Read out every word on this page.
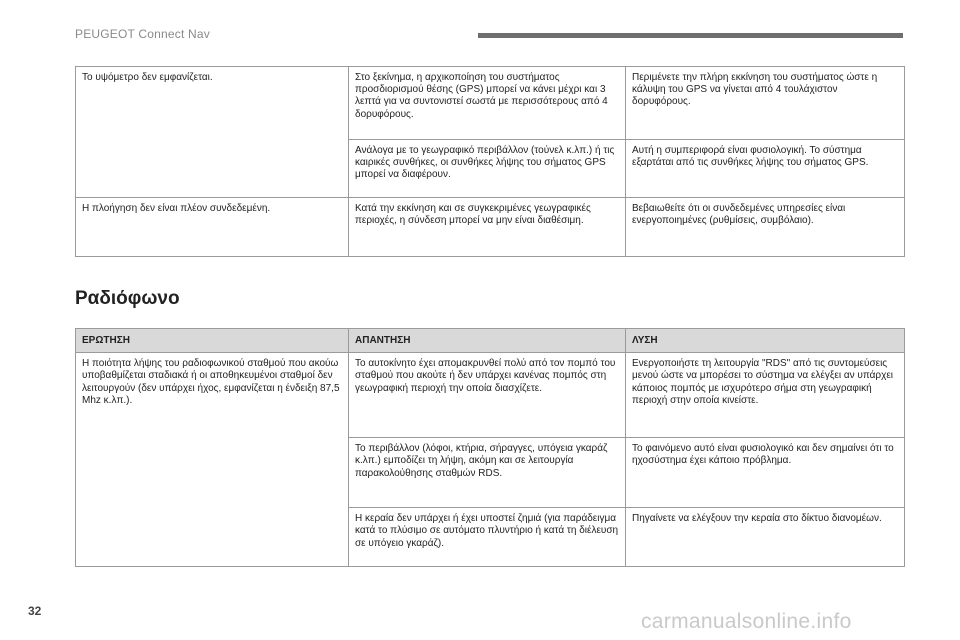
PEUGEOT Connect Nav
Το υψόμετρο δεν εμφανίζεται.	Στο ξεκίνημα, η αρχικοποίηση του συστήματος προσδιορισμού θέσης (GPS) μπορεί να κάνει μέχρι και 3 λεπτά για να συντονιστεί σωστά με περισσότερους από 4 δορυφόρους.	Περιμένετε την πλήρη εκκίνηση του συστήματος ώστε η κάλυψη του GPS να γίνεται από 4 τουλάχιστον δορυφόρους.
	Ανάλογα με το γεωγραφικό περιβάλλον (τούνελ κ.λπ.) ή τις καιρικές συνθήκες, οι συνθήκες λήψης του σήματος GPS μπορεί να διαφέρουν.	Αυτή η συμπεριφορά είναι φυσιολογική. Το σύστημα εξαρτάται από τις συνθήκες λήψης του σήματος GPS.
Η πλοήγηση δεν είναι πλέον συνδεδεμένη.	Κατά την εκκίνηση και σε συγκεκριμένες γεωγραφικές περιοχές, η σύνδεση μπορεί να μην είναι διαθέσιμη.	Βεβαιωθείτε ότι οι συνδεδεμένες υπηρεσίες είναι ενεργοποιημένες (ρυθμίσεις, συμβόλαιο).
Ραδιόφωνο
ΕΡΩΤΗΣΗ	ΑΠΑΝΤΗΣΗ	ΛΥΣΗ
Η ποιότητα λήψης του ραδιοφωνικού σταθμού που ακούω υποβαθμίζεται σταδιακά ή οι αποθηκευμένοι σταθμοί δεν λειτουργούν (δεν υπάρχει ήχος, εμφανίζεται η ένδειξη 87,5 Mhz κ.λπ.).	Το αυτοκίνητο έχει απομακρυνθεί πολύ από τον πομπό του σταθμού που ακούτε ή δεν υπάρχει κανένας πομπός στη γεωγραφική περιοχή την οποία διασχίζετε.	Ενεργοποιήστε τη λειτουργία "RDS" από τις συντομεύσεις μενού ώστε να μπορέσει το σύστημα να ελέγξει αν υπάρχει κάποιος πομπός με ισχυρότερο σήμα στη γεωγραφική περιοχή στην οποία κινείστε.
	Το περιβάλλον (λόφοι, κτήρια, σήραγγες, υπόγεια γκαράζ κ.λπ.) εμποδίζει τη λήψη, ακόμη και σε λειτουργία παρακολούθησης σταθμών RDS.	Το φαινόμενο αυτό είναι φυσιολογικό και δεν σημαίνει ότι το ηχοσύστημα έχει κάποιο πρόβλημα.
	Η κεραία δεν υπάρχει ή έχει υποστεί ζημιά (για παράδειγμα κατά το πλύσιμο σε αυτόματο πλυντήριο ή κατά τη διέλευση σε υπόγειο γκαράζ).	Πηγαίνετε να ελέγξουν την κεραία στο δίκτυο διανομέων.
32	carmanualsonline.info
